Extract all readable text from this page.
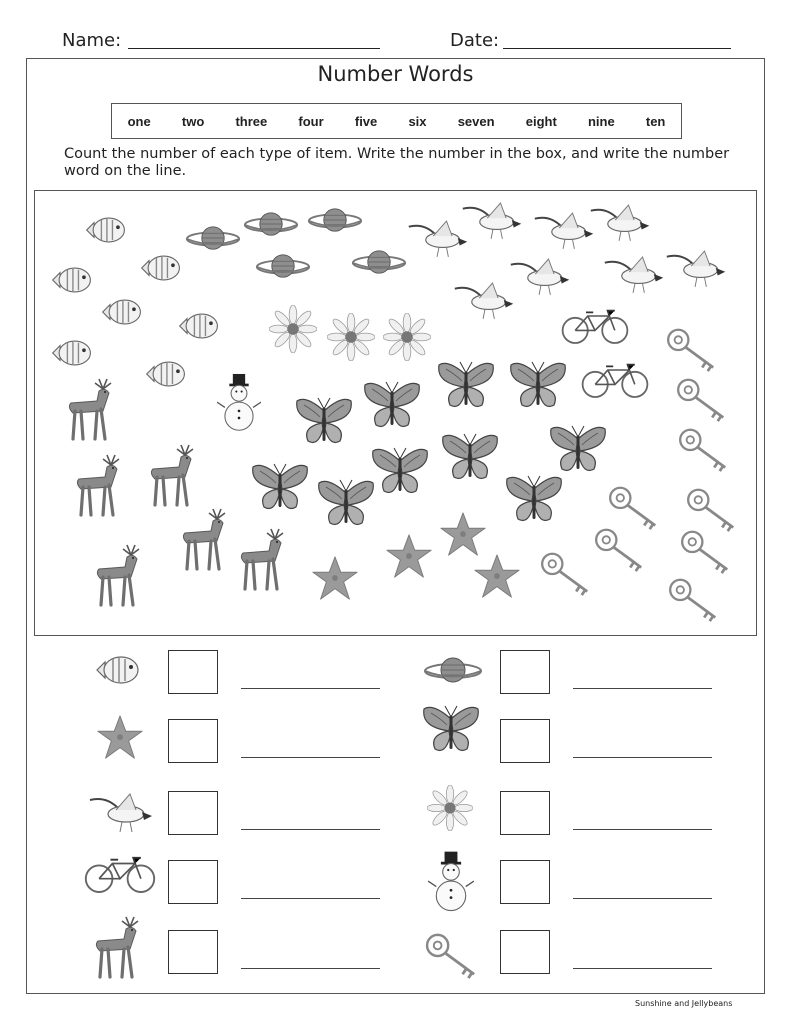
Name:	Date:
Number Words
one two three four five six seven eight nine ten
Count the number of each type of item. Write the number in the box, and write the number word on the line.
Sunshine and Jellybeans
